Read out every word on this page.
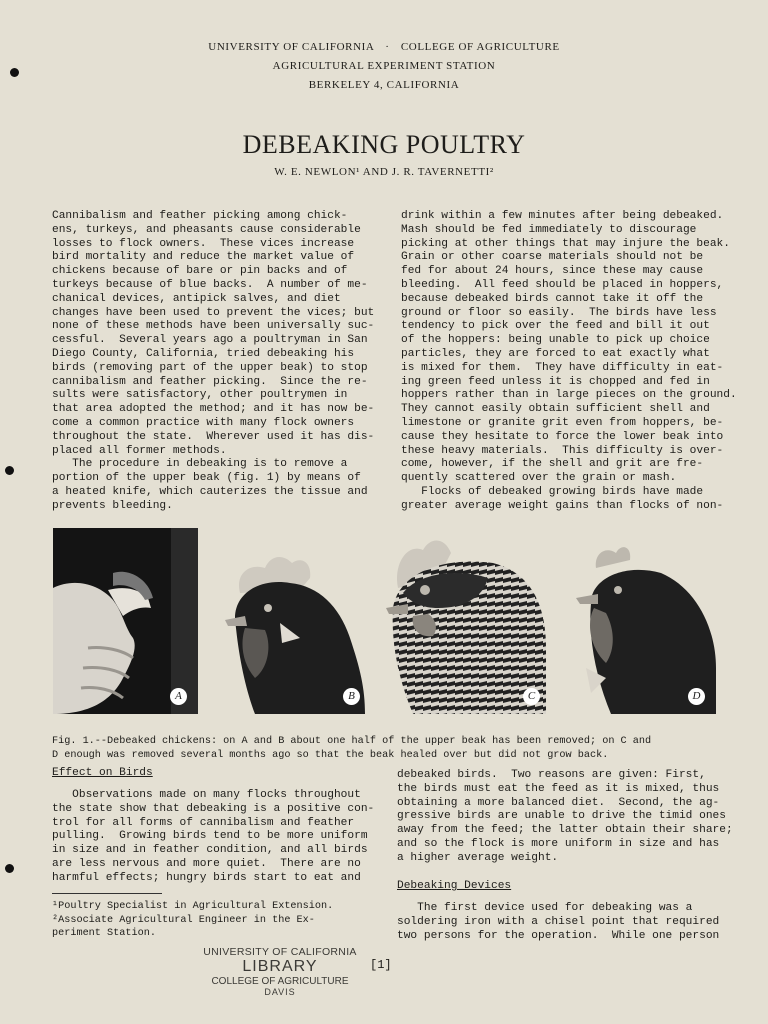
UNIVERSITY OF CALIFORNIA · COLLEGE OF AGRICULTURE
AGRICULTURAL EXPERIMENT STATION
BERKELEY 4, CALIFORNIA
DEBEAKING POULTRY
W. E. NEWLON¹ AND J. R. TAVERNETTI²
Cannibalism and feather picking among chick-
ens, turkeys, and pheasants cause considerable
losses to flock owners.  These vices increase
bird mortality and reduce the market value of
chickens because of bare or pin backs and of
turkeys because of blue backs.  A number of me-
chanical devices, antipick salves, and diet
changes have been used to prevent the vices; but
none of these methods have been universally suc-
cessful.  Several years ago a poultryman in San
Diego County, California, tried debeaking his
birds (removing part of the upper beak) to stop
cannibalism and feather picking.  Since the re-
sults were satisfactory, other poultrymen in
that area adopted the method; and it has now be-
come a common practice with many flock owners
throughout the state.  Wherever used it has dis-
placed all former methods.
The procedure in debeaking is to remove a
portion of the upper beak (fig. 1) by means of
a heated knife, which cauterizes the tissue and
prevents bleeding.
drink within a few minutes after being debeaked.
Mash should be fed immediately to discourage
picking at other things that may injure the beak.
Grain or other coarse materials should not be
fed for about 24 hours, since these may cause
bleeding.  All feed should be placed in hoppers,
because debeaked birds cannot take it off the
ground or floor so easily.  The birds have less
tendency to pick over the feed and bill it out
of the hoppers: being unable to pick up choice
particles, they are forced to eat exactly what
is mixed for them.  They have difficulty in eat-
ing green feed unless it is chopped and fed in
hoppers rather than in large pieces on the ground.
They cannot easily obtain sufficient shell and
limestone or granite grit even from hoppers, be-
cause they hesitate to force the lower beak into
these heavy materials.  This difficulty is over-
come, however, if the shell and grit are fre-
quently scattered over the grain or mash.
Flocks of debeaked growing birds have made
greater average weight gains than flocks of non-
A	B	C	D
Fig. 1.--Debeaked chickens: on A and B about one half of the upper beak has been removed; on C and
D enough was removed several months ago so that the beak healed over but did not grow back.
Effect on Birds
Observations made on many flocks throughout
the state show that debeaking is a positive con-
trol for all forms of cannibalism and feather
pulling.  Growing birds tend to be more uniform
in size and in feather condition, and all birds
are less nervous and more quiet.  There are no
harmful effects; hungry birds start to eat and
debeaked birds.  Two reasons are given: First,
the birds must eat the feed as it is mixed, thus
obtaining a more balanced diet.  Second, the ag-
gressive birds are unable to drive the timid ones
away from the feed; the latter obtain their share;
and so the flock is more uniform in size and has
a higher average weight.
Debeaking Devices
The first device used for debeaking was a
soldering iron with a chisel point that required
two persons for the operation.  While one person
¹Poultry Specialist in Agricultural Extension.
²Associate Agricultural Engineer in the Ex-
periment Station.
UNIVERSITY OF CALIFORNIA
LIBRARY
COLLEGE OF AGRICULTURE
DAVIS
[1]
